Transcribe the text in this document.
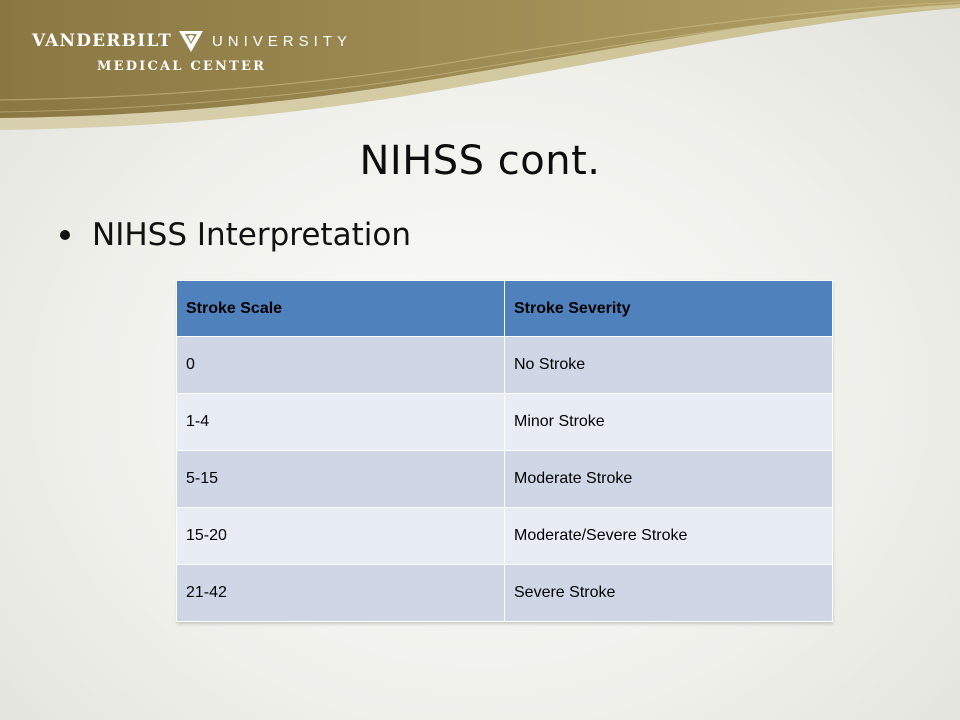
VANDERBILT	UNIVERSITY
MEDICAL CENTER
NIHSS cont.
NIHSS Interpretation
Stroke Scale	Stroke Severity
0	No Stroke
1-4	Minor Stroke
5-15	Moderate Stroke
15-20	Moderate/Severe Stroke
21-42	Severe Stroke
